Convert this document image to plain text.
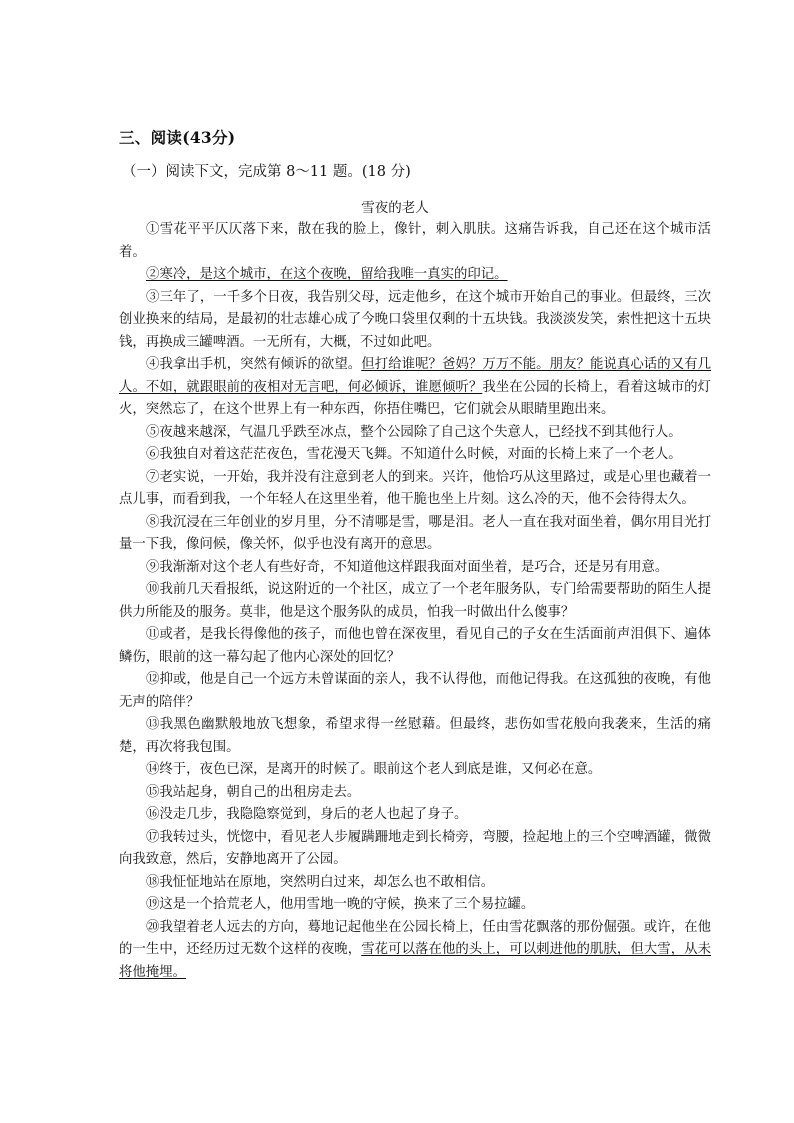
三、阅读(43分)
（一）阅读下文，完成第 8～11 题。(18 分)
雪夜的老人

①雪花平平仄仄落下来，散在我的脸上，像针，刺入肌肤。这痛告诉我，自己还在这个城市活着。

②寒冷，是这个城市，在这个夜晚，留给我唯一真实的印记。

③三年了，一千多个日夜，我告别父母，远走他乡，在这个城市开始自己的事业。但最终，三次创业换来的结局，是最初的壮志雄心成了今晚口袋里仅剩的十五块钱。我淡淡发笑，索性把这十五块钱，再换成三罐啤酒。一无所有，大概，不过如此吧。

④我拿出手机，突然有倾诉的欲望。但打给谁呢？爸妈？万万不能。朋友？能说真心话的又有几人。不如，就跟眼前的夜相对无言吧，何必倾诉，谁愿倾听？我坐在公园的长椅上，看着这城市的灯火，突然忘了，在这个世界上有一种东西，你捂住嘴巴，它们就会从眼睛里跑出来。

⑤夜越来越深，气温几乎跌至冰点，整个公园除了自己这个失意人，已经找不到其他行人。

⑥我独自对着这茫茫夜色，雪花漫天飞舞。不知道什么时候，对面的长椅上来了一个老人。

⑦老实说，一开始，我并没有注意到老人的到来。兴许，他恰巧从这里路过，或是心里也藏着一点儿事，而看到我，一个年轻人在这里坐着，他干脆也坐上片刻。这么冷的天，他不会待得太久。

⑧我沉浸在三年创业的岁月里，分不清哪是雪，哪是泪。老人一直在我对面坐着，偶尔用目光打量一下我，像问候，像关怀，似乎也没有离开的意思。

⑨我渐渐对这个老人有些好奇，不知道他这样跟我面对面坐着，是巧合，还是另有用意。

⑩我前几天看报纸，说这附近的一个社区，成立了一个老年服务队，专门给需要帮助的陌生人提供力所能及的服务。莫非，他是这个服务队的成员，怕我一时做出什么傻事？

⑪或者，是我长得像他的孩子，而他也曾在深夜里，看见自己的子女在生活面前声泪俱下、遍体鳞伤，眼前的这一幕勾起了他内心深处的回忆？

⑫抑或，他是自己一个远方未曾谋面的亲人，我不认得他，而他记得我。在这孤独的夜晚，有他无声的陪伴？

⑬我黑色幽默般地放飞想象，希望求得一丝慰藉。但最终，悲伤如雪花般向我袭来，生活的痛楚，再次将我包围。

⑭终于，夜色已深，是离开的时候了。眼前这个老人到底是谁，又何必在意。

⑮我站起身，朝自己的出租房走去。

⑯没走几步，我隐隐察觉到，身后的老人也起了身子。

⑰我转过头，恍惚中，看见老人步履蹒跚地走到长椅旁，弯腰，捡起地上的三个空啤酒罐，微微向我致意，然后，安静地离开了公园。

⑱我怔怔地站在原地，突然明白过来，却怎么也不敢相信。

⑲这是一个拾荒老人，他用雪地一晚的守候，换来了三个易拉罐。

⑳我望着老人远去的方向，蓦地记起他坐在公园长椅上，任由雪花飘落的那份倔强。或许，在他的一生中，还经历过无数个这样的夜晚，雪花可以落在他的头上，可以刺进他的肌肤，但大雪，从未将他掩埋。
